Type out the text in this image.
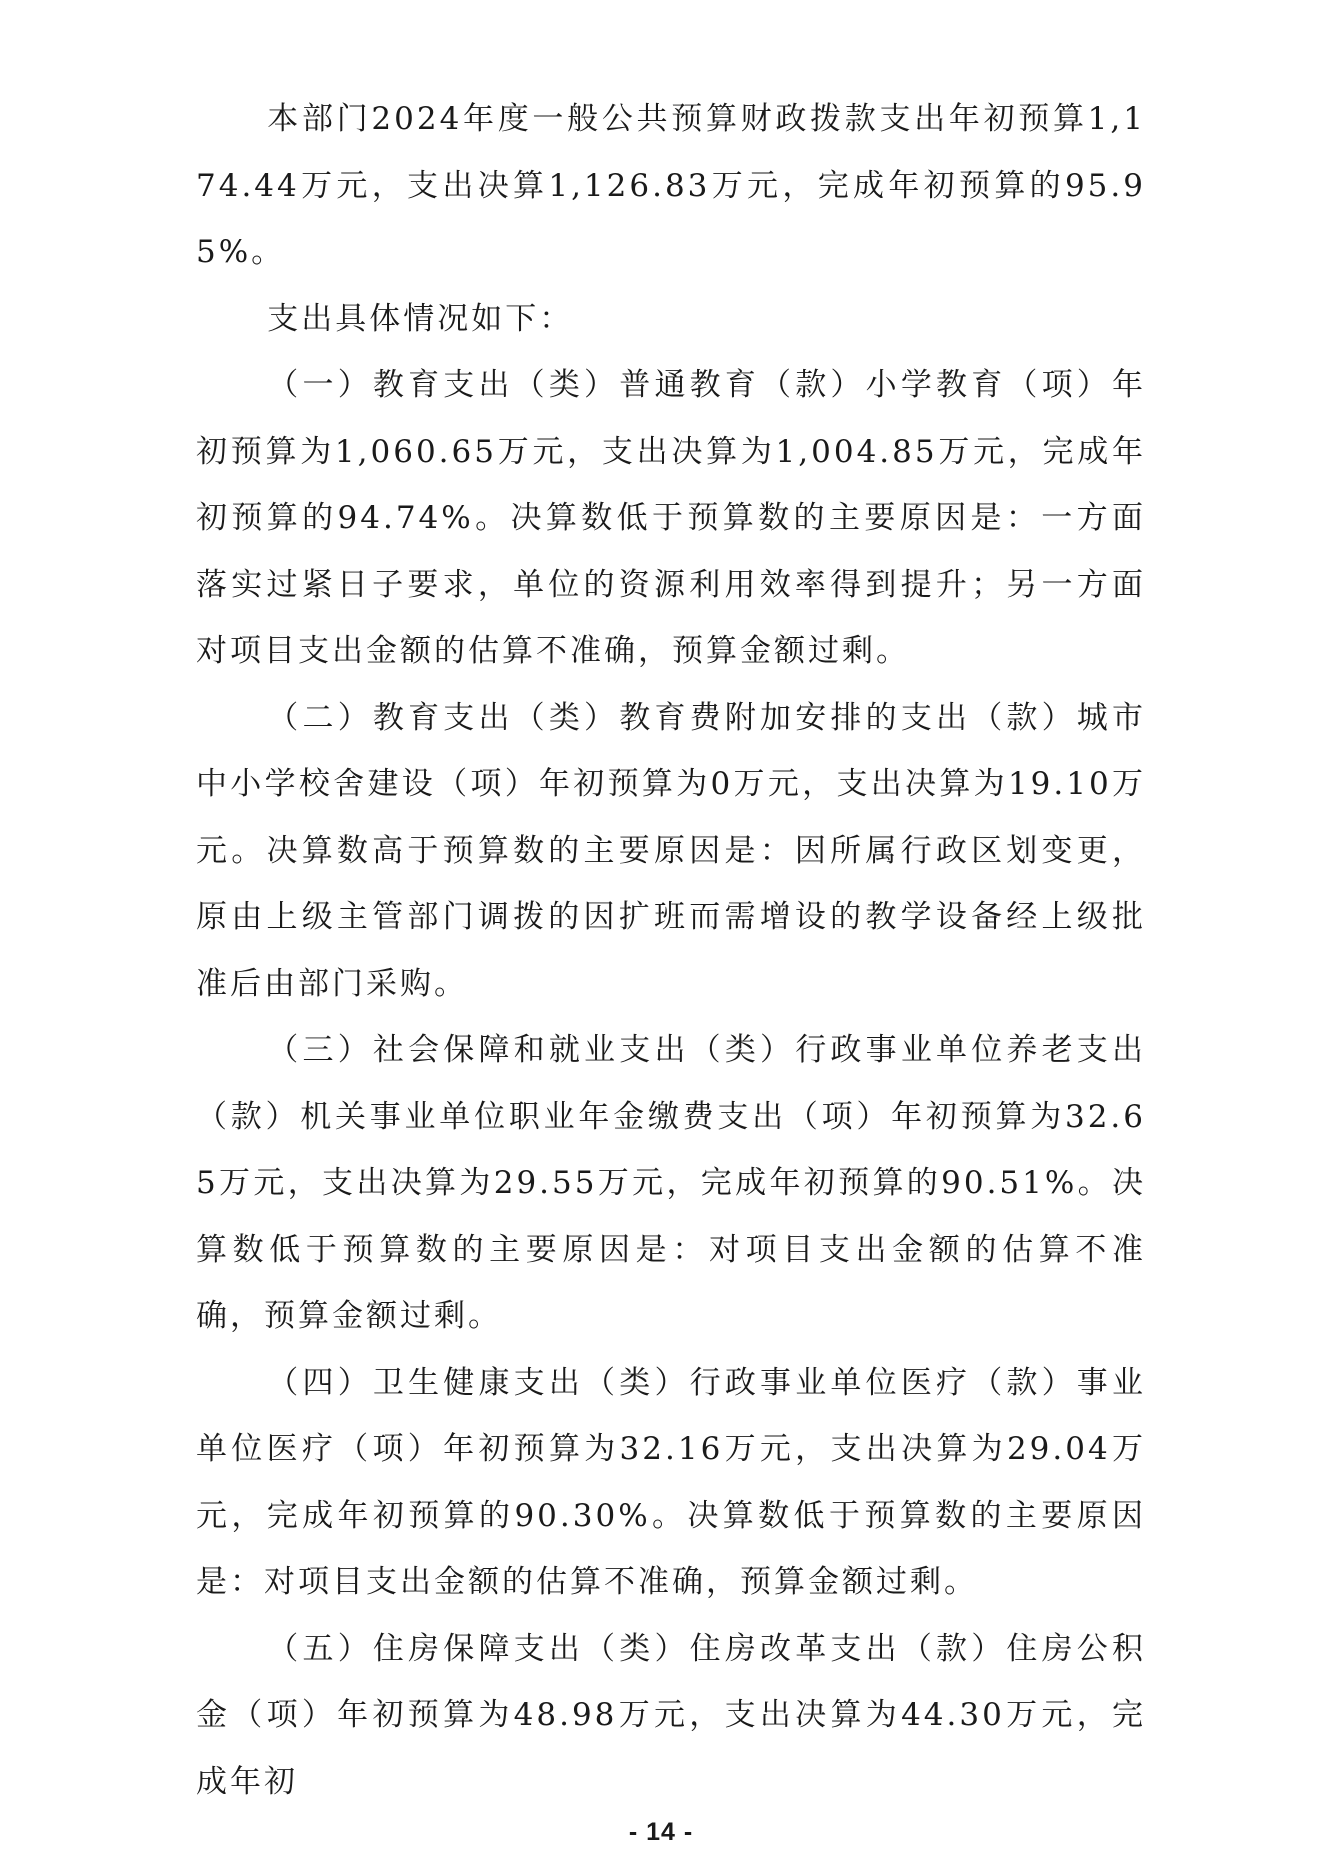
本部门2024年度一般公共预算财政拨款支出年初预算1,174.44万元，支出决算1,126.83万元，完成年初预算的95.95%。

支出具体情况如下：

（一）教育支出（类）普通教育（款）小学教育（项）年初预算为1,060.65万元，支出决算为1,004.85万元，完成年初预算的94.74%。决算数低于预算数的主要原因是：一方面落实过紧日子要求，单位的资源利用效率得到提升；另一方面对项目支出金额的估算不准确，预算金额过剩。

（二）教育支出（类）教育费附加安排的支出（款）城市中小学校舍建设（项）年初预算为0万元，支出决算为19.10万元。决算数高于预算数的主要原因是：因所属行政区划变更，原由上级主管部门调拨的因扩班而需增设的教学设备经上级批准后由部门采购。

（三）社会保障和就业支出（类）行政事业单位养老支出（款）机关事业单位职业年金缴费支出（项）年初预算为32.65万元，支出决算为29.55万元，完成年初预算的90.51%。决算数低于预算数的主要原因是：对项目支出金额的估算不准确，预算金额过剩。

（四）卫生健康支出（类）行政事业单位医疗（款）事业单位医疗（项）年初预算为32.16万元，支出决算为29.04万元，完成年初预算的90.30%。决算数低于预算数的主要原因是：对项目支出金额的估算不准确，预算金额过剩。

（五）住房保障支出（类）住房改革支出（款）住房公积金（项）年初预算为48.98万元，支出决算为44.30万元，完成年初

- 14 -
